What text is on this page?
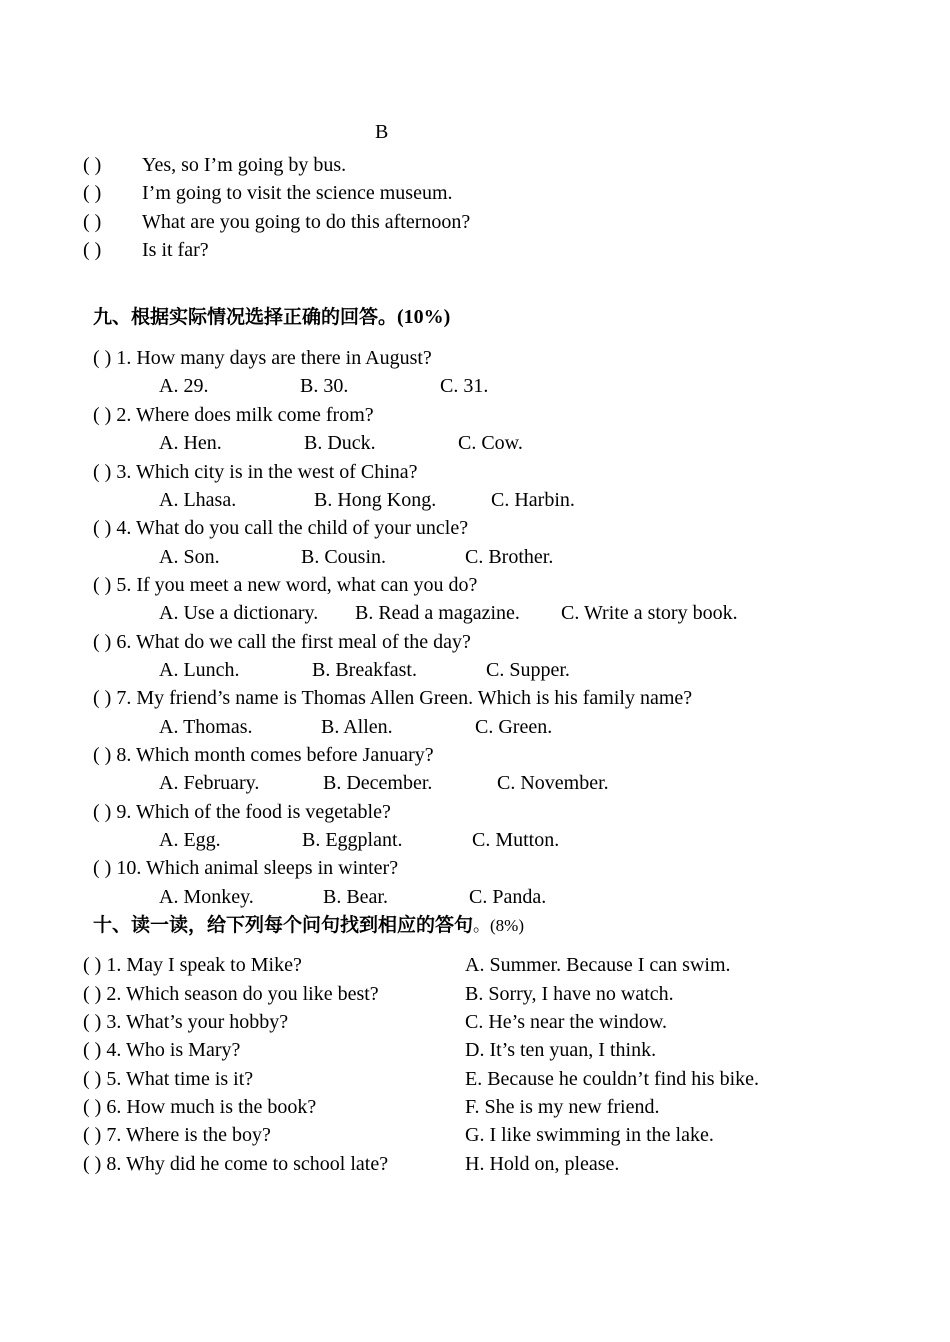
B
( ) Yes, so I’m going by bus.
( ) I’m going to visit the science museum.
( ) What are you going to do this afternoon?
( ) Is it far?
九、根据实际情况选择正确的回答。(10%)
( ) 1. How many days are there in August?
A. 29.	B. 30.	C. 31.
( ) 2. Where does milk come from?
A. Hen.	B. Duck.	C. Cow.
( ) 3. Which city is in the west of China?
A. Lhasa.	B. Hong Kong.	C. Harbin.
( ) 4. What do you call the child of your uncle?
A. Son.	B. Cousin.	C. Brother.
( ) 5. If you meet a new word, what can you do?
A. Use a dictionary. B. Read a magazine. C. Write a story book.
( ) 6. What do we call the first meal of the day?
A. Lunch.	B. Breakfast.	C. Supper.
( ) 7. My friend’s name is Thomas Allen Green. Which is his family name?
A. Thomas.	B. Allen.	C. Green.
( ) 8. Which month comes before January?
A. February.	B. December.	C. November.
( ) 9. Which of the food is vegetable?
A. Egg.	B. Eggplant.	C. Mutton.
( ) 10. Which animal sleeps in winter?
A. Monkey.	B. Bear.	C. Panda.
十、读一读，给下列每个问句找到相应的答句。(8%)
( ) 1. May I speak to Mike?	A. Summer. Because I can swim.
( ) 2. Which season do you like best?	B. Sorry, I have no watch.
( ) 3. What’s your hobby?	C. He’s near the window.
( ) 4. Who is Mary?	D. It’s ten yuan, I think.
( ) 5. What time is it?	E. Because he couldn’t find his bike.
( ) 6. How much is the book?	F. She is my new friend.
( ) 7. Where is the boy?	G. I like swimming in the lake.
( ) 8. Why did he come to school late?	H. Hold on, please.
